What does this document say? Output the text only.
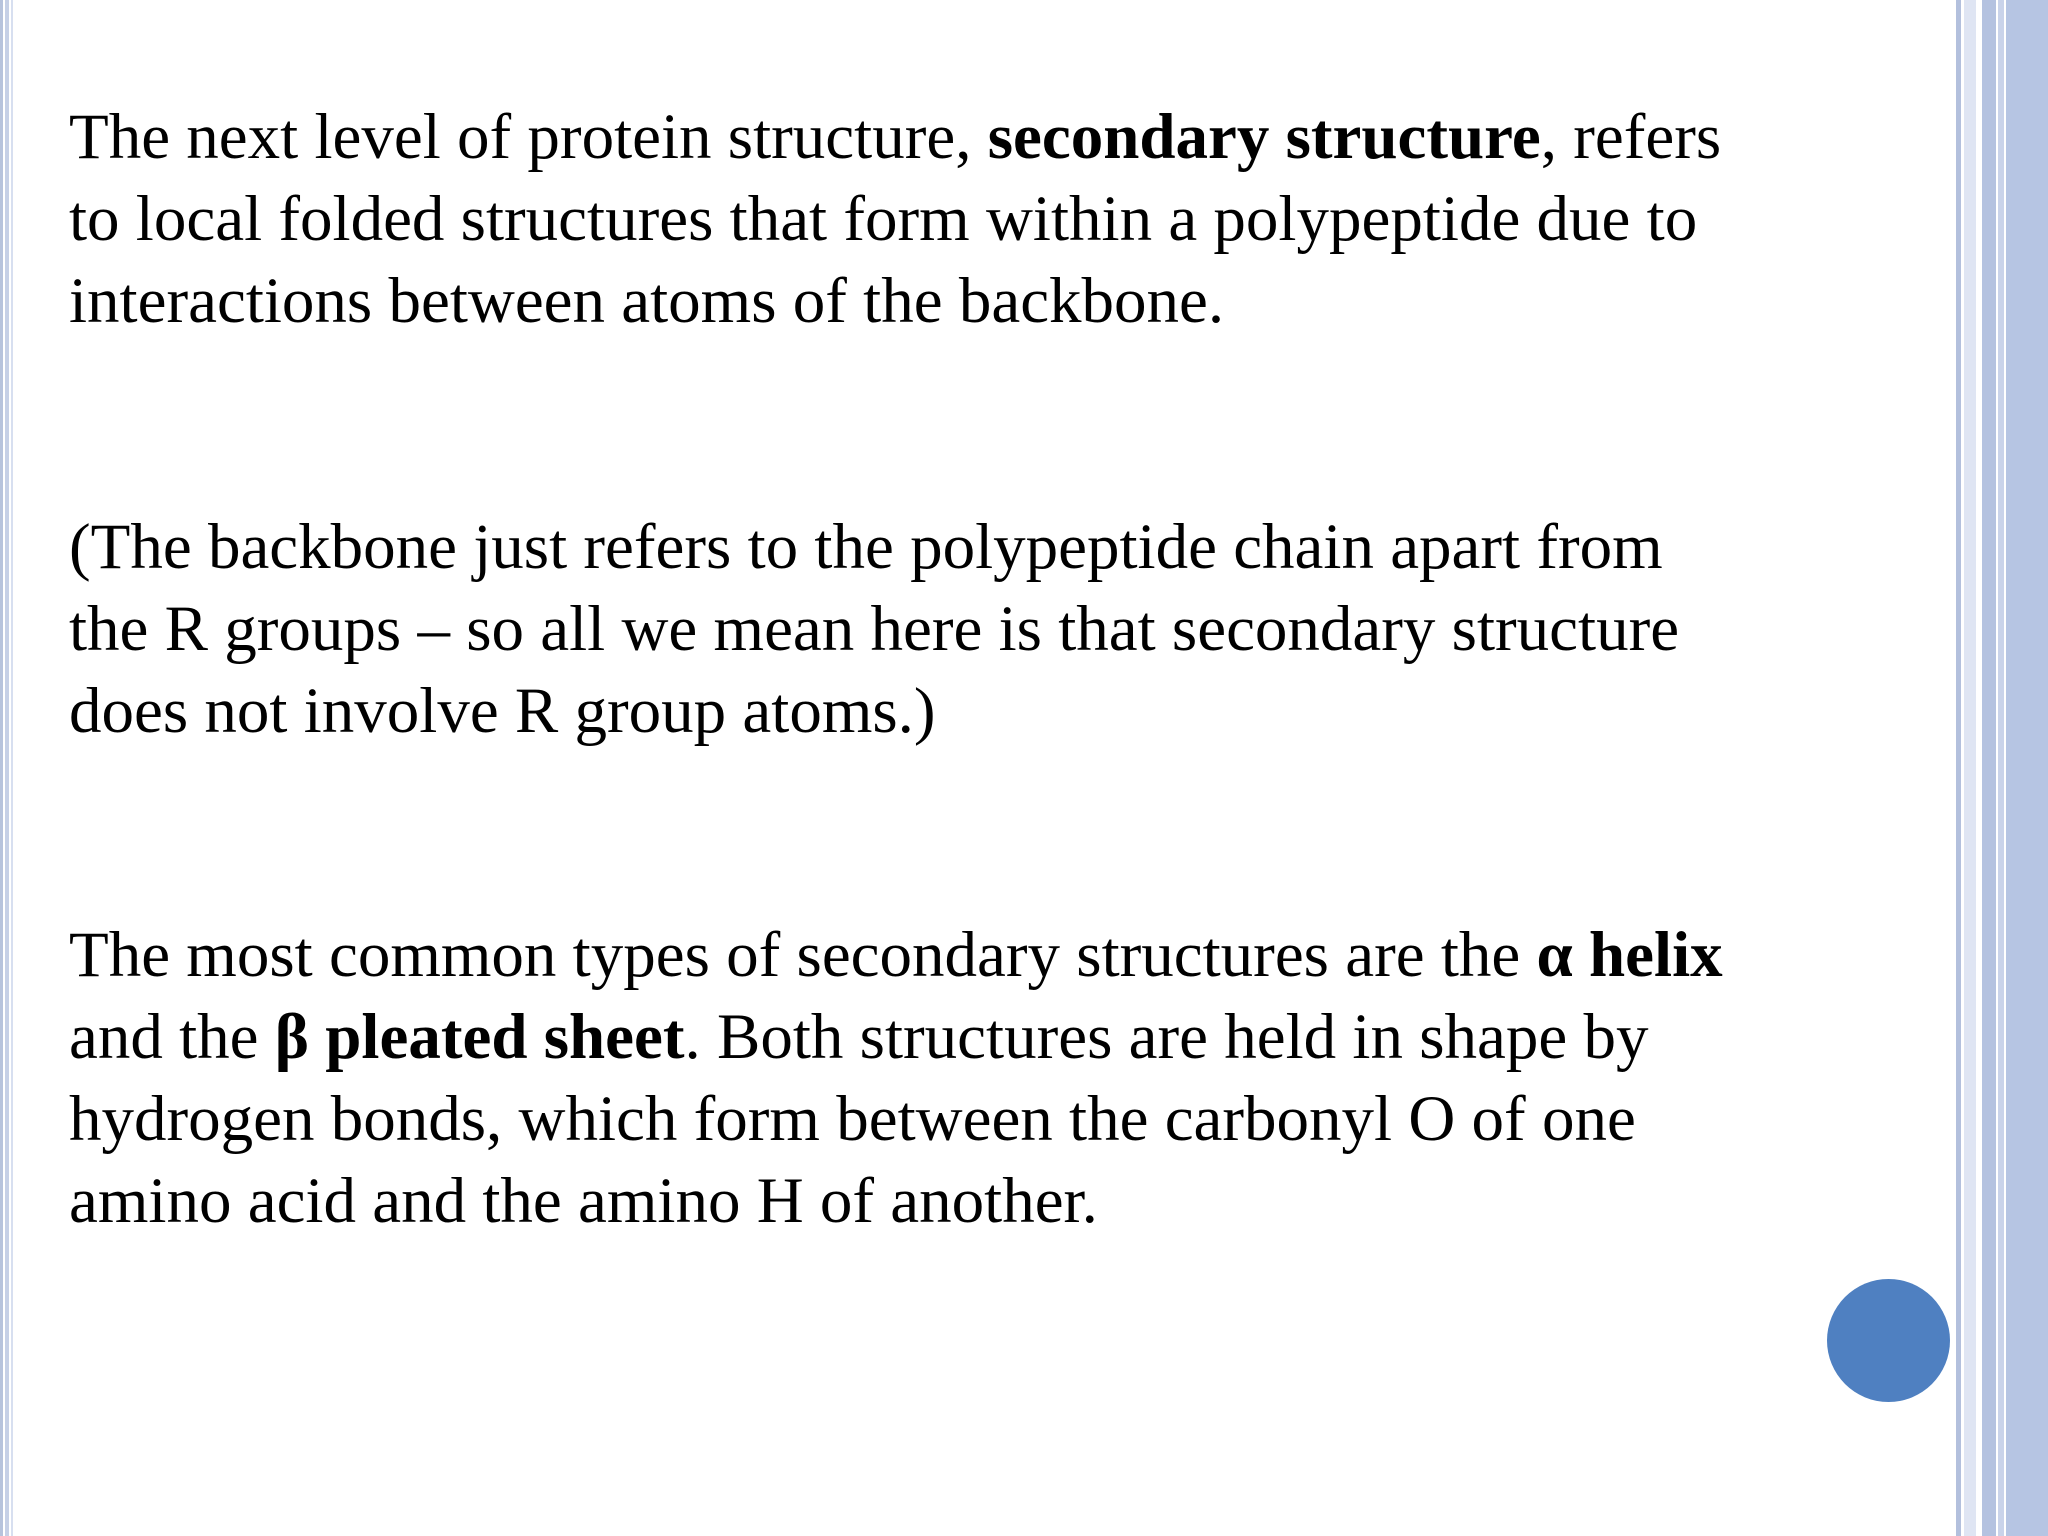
The next level of protein structure, secondary structure, refers
to local folded structures that form within a polypeptide due to
interactions between atoms of the backbone.

(The backbone just refers to the polypeptide chain apart from
the R groups – so all we mean here is that secondary structure
does not involve R group atoms.)

The most common types of secondary structures are the α helix
and the β pleated sheet. Both structures are held in shape by
hydrogen bonds, which form between the carbonyl O of one
amino acid and the amino H of another.
